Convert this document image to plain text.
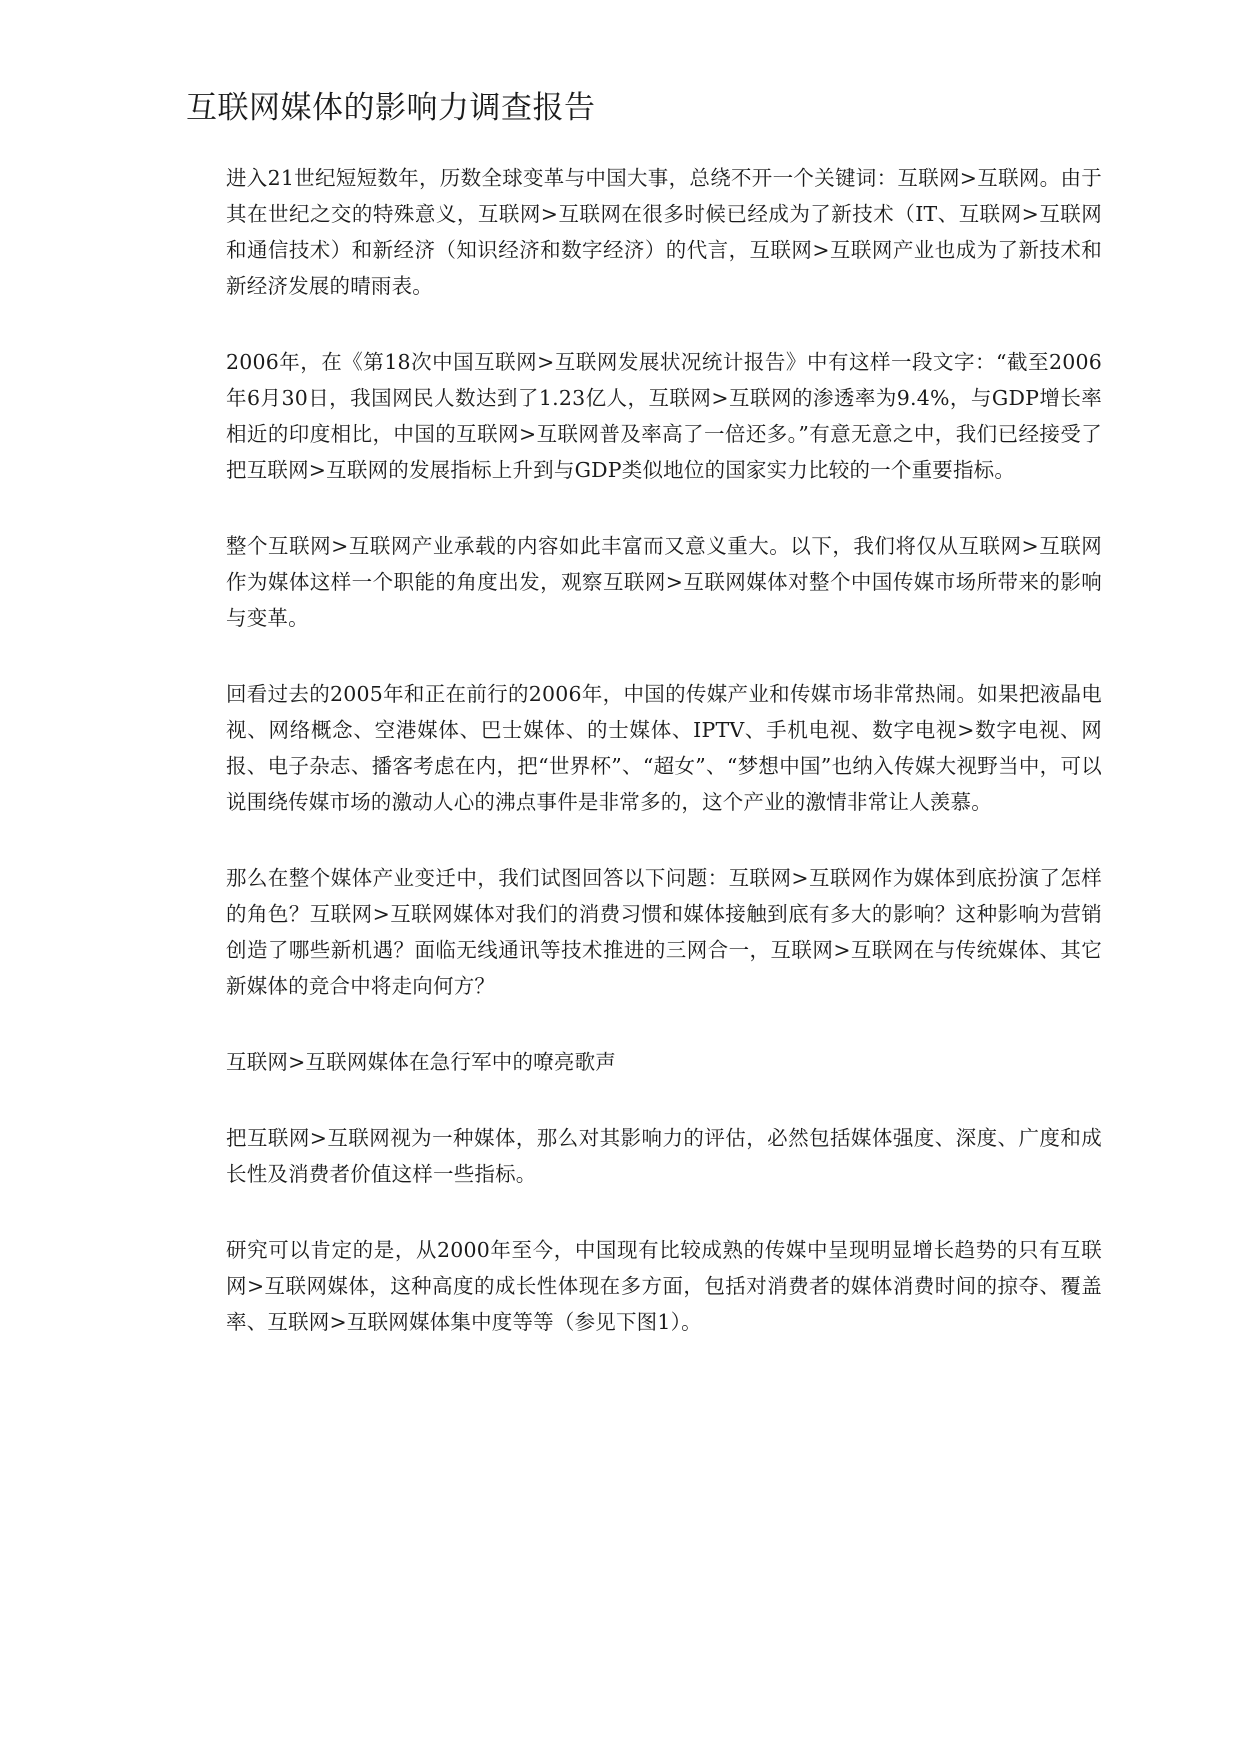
互联网媒体的影响力调查报告

进入21世纪短短数年，历数全球变革与中国大事，总绕不开一个关键词：互联网>互联网。由于其在世纪之交的特殊意义，互联网>互联网在很多时候已经成为了新技术（IT、互联网>互联网和通信技术）和新经济（知识经济和数字经济）的代言，互联网>互联网产业也成为了新技术和新经济发展的晴雨表。

2006年，在《第18次中国互联网>互联网发展状况统计报告》中有这样一段文字：“截至2006年6月30日，我国网民人数达到了1.23亿人，互联网>互联网的渗透率为9.4%，与GDP增长率相近的印度相比，中国的互联网>互联网普及率高了一倍还多。”有意无意之中，我们已经接受了把互联网>互联网的发展指标上升到与GDP类似地位的国家实力比较的一个重要指标。

整个互联网>互联网产业承载的内容如此丰富而又意义重大。以下，我们将仅从互联网>互联网作为媒体这样一个职能的角度出发，观察互联网>互联网媒体对整个中国传媒市场所带来的影响与变革。

回看过去的2005年和正在前行的2006年，中国的传媒产业和传媒市场非常热闹。如果把液晶电视、网络概念、空港媒体、巴士媒体、的士媒体、IPTV、手机电视、数字电视>数字电视、网报、电子杂志、播客考虑在内，把“世界杯”、“超女”、“梦想中国”也纳入传媒大视野当中，可以说围绕传媒市场的激动人心的沸点事件是非常多的，这个产业的激情非常让人羡慕。

那么在整个媒体产业变迁中，我们试图回答以下问题：互联网>互联网作为媒体到底扮演了怎样的角色？互联网>互联网媒体对我们的消费习惯和媒体接触到底有多大的影响？这种影响为营销创造了哪些新机遇？面临无线通讯等技术推进的三网合一，互联网>互联网在与传统媒体、其它新媒体的竞合中将走向何方？

互联网>互联网媒体在急行军中的嘹亮歌声

把互联网>互联网视为一种媒体，那么对其影响力的评估，必然包括媒体强度、深度、广度和成长性及消费者价值这样一些指标。

研究可以肯定的是，从2000年至今，中国现有比较成熟的传媒中呈现明显增长趋势的只有互联网>互联网媒体，这种高度的成长性体现在多方面，包括对消费者的媒体消费时间的掠夺、覆盖率、互联网>互联网媒体集中度等等（参见下图1）。
